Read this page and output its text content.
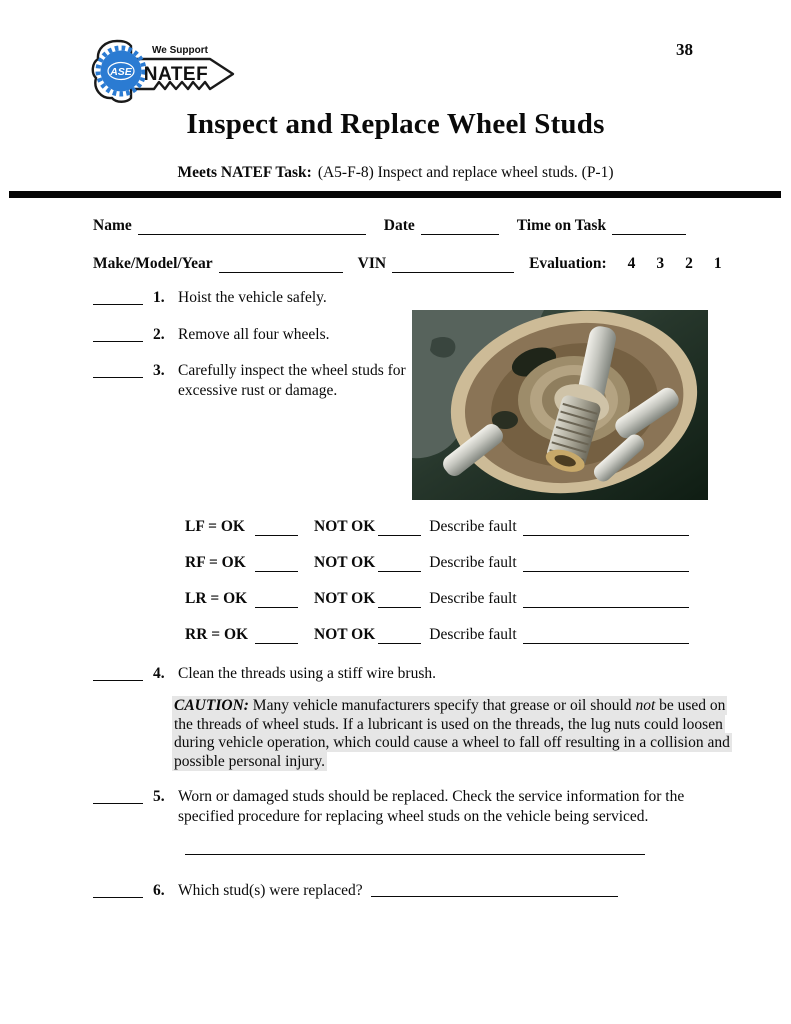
ASE
We Support
NATEF
38
Inspect and Replace Wheel Studs
Meets NATEF Task: (A5-F-8) Inspect and replace wheel studs. (P-1)
Name	Date	Time on Task
Make/Model/Year	VIN	Evaluation: 4 3 2 1
1. Hoist the vehicle safely.
2. Remove all four wheels.
3. Carefully inspect the wheel studs for excessive rust or damage.
LF = OK	NOT OK	Describe fault
RF = OK	NOT OK	Describe fault
LR = OK	NOT OK	Describe fault
RR = OK	NOT OK	Describe fault
4. Clean the threads using a stiff wire brush.
CAUTION: Many vehicle manufacturers specify that grease or oil should not be used on the threads of wheel studs. If a lubricant is used on the threads, the lug nuts could loosen during vehicle operation, which could cause a wheel to fall off resulting in a collision and possible personal injury.
5. Worn or damaged studs should be replaced. Check the service information for the specified procedure for replacing wheel studs on the vehicle being serviced.
6. Which stud(s) were replaced?
